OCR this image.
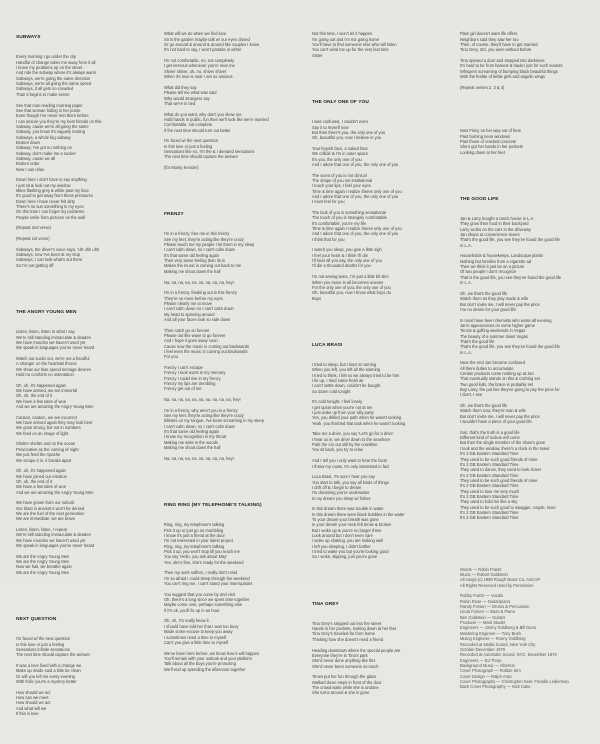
SUBWAYS

Every morning I go under the city
Handful of change takes me away from it all
I leave my problems up on the street
And ride the subway where it's always warm
Subways, we're going the same direction
Subways, we're all going the same speed
Subways, it all gets so crowded
Than it begins to make sense

See that man reading morning paper
See that woman hiding in her purse
Even though I've never met them before
I can assure you they're my best friends on this
Subway, cause we're all going the same
Subway, you know it's vaguely inviting
Subways, a whole big subway
Broken down
Subway; I've got no nothing on
Subway, don't make me a sucker
Subway, cause we all
Broken order
Now I can relax

Down here I don't have to say anything
I just sit & look out my window
Miles flashing grey & white past my face
It's good to get away from these pressures
Down here I have never felt dirty
There's no sun something in my eyes
On this train I can forget my problems
People smile from pictures on the wall

(Repeat 2nd verse)

(Repeat 1st verse)

Subways, the driver's voice says, 'Uh uhh uhh
Subways, now I've been at my stop
Subways, I can look what's out there
So I'm not getting off

THE ANGRY YOUNG MEN

Listen, listen, listen to what I say
We're still standing immaculate & deaden
We have muscles we haven't used yet
We speak in languages you've never heard

Watch out sucks out, we're not a handful
A stranger on the heartstel throne
We show our bias spend teenage desires
Hold no comforts no ostentation

Oh, oh, it's happened again
We have arrived, we are immortal
Oh, oh, the end of it
We have a few tales of woe
And we are amazing the Angry Young Men

Caution, caution, we are incorrect
We have arrived again they may look bent
We grow strong, but not in numbers
We feed on an image of light

Shelter shelter and on the ocean
Provocative as the coming of night
We just feed the Apache
We scrape it in, it breaks apart

Oh, oh, it's happened again
We have joined our emotion
Oh, oh, the end of it
We have a few tales of woe
And we are amazing the Angry Young Men

We have grown from our suburb
Our blast in ancient it won't be denied
We are the fuel of the next generation
We are immediate, we are brave

Listen, listen, listen, I repeat
We're still standing immaculate & deaden
We have muscles we haven't used yet
We speak in languages you've never heard

We are the Angry Young Men
We are the Angry Young Men
Now we hail, we breathe again
We are the Angry Young Men

NEXT QUESTION

I'm faced w/ the next question
Is this love or just a feeling
Sensations infinite sensations
The next time should capture the answer

It was a love fixed with a change we
Make up inside said a little be clean
Or will you tell me every evening
With frolic you're a mystery better

How should we act
How can we meet
How should we act
And what will we
If this is love

What will we do when we find love
Sit in the garden maybe talk w/ our eyes closed
Or go around & around & around like couples I know
It's not hard to say, I won't partake in either

I'm not comfortable, no, not completely
I get nervous whenever you're near me
Shiver shiver, oh, no, shiver shiver
When it's love is near I am so anxious

What did they say
Please tell me what was said
Why would strangers say
That we're in bed

What do you want, why don't you show me
Hold hands in public, fun then we'll look like we're married
Comfortable, not complete
If the next time should turn out better

I'm faced w/ the next question
Is this love or just a feeling
Sensations like no, I'm the & I demand sensations
The next time should capture the answer

(for Monty Kessler)

FRENZY

I'm in a frenzy, free me in this frenzy
See my feet, they're acting like they're crazy
Please touch me my people I let them in my sleep
I can't calm down, no I can't calm down
It's that same old feeling again
Then very same feeling than its in
Makes the music is coming out back to me
Making me shout down the hall

Na, na, na, na, na, na, na, na, na, hey!

I'm in a frenzy, freaking out in this frenzy
They're no more before my eyes
Please clearly me to move
I can't calm down no I can't calm down
My head to spinning around
And all your faces look so side down

Then catch go on forever
Please out like wave to go forever
And I hope it goes away soon
Cause now the music is coming out backwards
I feel even the music is coming out backwards
For you

Frenzy I can't escape
Frenzy I took worst in my memory
Frenzy I could rise in my frenzy
Frenzy my lips are trembling
Frenzy get out of me

Na, na, na, na, na, na, na, na, na, na, hey!

I'm in a frenzy, why aren't you in a frenzy
See my feet, they're acting like they're crazy
Blisters on my tongue, I've been screaming in my sleep
I can't calm down, no I can't calm down
It's that same old feeling again
I know my recognition in my throat
Making me write in the woods
Making me shout down the hall

Na, na, na, na, na, na, na, na, na, hey!

RING RING (MY TELEPHONE'S TALKING)

Ring, ring, my telephone's talking
Pick it up or just go on mumbling
I know it's just a friend at the door
I'm not interested in your latest project
Ring, ring, my telephone's talking
Pick it up, you won't stop till you reach me
You say 'Hello, you ask about May'
Yes, she's fine, she's ready for the weekend

Then my work suffers, I really don't mind
I'm so afraid I could sleep through the weekend
You can't ring me, I can't stand your interruptions

You suggest that you come by and visit
Oh, there's a long since we spent time together
Maybe come over, perhaps something else
If it's ok, you'll fix up in an hour

Oh, oh, I'm really know it
I should have told her that I was too busy
Made some excuse to keep you away
I sometimes need a time to myself
Can't you give a little time to myself

We've been here before, we know how it will happen
You'll remain with your outlook and your platform
Talk about all the boys you're promoting
We'll end up spending the afternoon together

Not this time, I won't let it happen
I'm going out and I'm not going home
You'll have to find someone else who will listen
You can't wind me up for the very last time
Sister

THE ONLY ONE OF YOU

I was confused, I couldn't even
Say it to myself now
But then there's you, the only one of you
Oh, beautiful you, now I believe in you

Your boyish face, a naked face
We collide & I'm in outer space
It's you, the only one of you
And I adore that one of you, the only one of you

The scent of you is not clinical
The shape of you not institutional
I touch your lips, I feel your eyes
Time & time again I realize theres only one of you
And I adore that one of you, the only one of you
I must feel for you

The look of you is something sensational
The touch of you is strangely comfortable
It's comfortable, you're my life
Time & time again I realize theres only one of you
And I adore that one of you, the only one of you
I think that for you

I watch you sleep, you give a little sigh
I feel your heart & I think I'll die
I'll hear all you say, the only one of you
I'll die a thousand deaths for you

I'm not seeing twice, I'm just a little bit slim
When you move in all becomes uneven
For the only one of you, the only one of you
Oh, beautiful you, now I know what boys do
Boys

LUCA BRASI

I tried to sleep, but I kept on turning
When you left, you left all the warning
I tried to think, I felt so we always tried to be him
I lie up, I tried some fresh air
I can't settle down, couldn't be bought
So damn cold tonight

It's cold tonight, I feel lonely
I get upset when you're not at me
I just woke up from your silly party
Yes, you drilled your path when he wasn't looking
Yeah, you finished that task when he wasn't looking

Take me a drive, you say 'Let's go for a drive'
I hear us in, we drive down to the seashore
Park the car out still by the coastline
You sit back, you try to relax

And I tell you I only want to hear the facts
I throw my coats, I'm only interested in fact

Luca Brasi, I'm sure I hear you say
You start to talk, you say all kinds of things
I drift off & I begin to dream
I'm dreaming you're underwater
In my dream you sleep w/ fishes

In this dream there was trouble in water
In this dream there were black bubbles in the water
To your dream your breath was gone
In your dream your neck felt tense & broken
But I woke up & you're no longer there
Look around but I don't even care
I woke up shaking, you are looking well
I left you sleeping, I didn't bother
I tried to wake you but you're looking good
So I woke, slipping, just you're gone

TINA GREY

Tina Grey's stepped out into the street
Hands in her pockets, looking down at her feet
Tina Grey's traveled far from home
Thinking how she doesn't need a friend

Heading downtown where the special people are
Everyone they're in Tina's park
She'd never done anything like this
She'd never been someone so much

Times put her fun through the glass
Walked down steps in front of the door
The crowd waits while she is undone
She turns around & she is gone

Plain girl doesn't want life offers
Neighbors said they saw her too
Then, of course, they'll have to get married
Tina Grey, 3rd, you were without before

Tina opened a door and stepped into darkness
It's hard to be from harvest & hauler just for such sounds
Whispers screaming of bumping black beautiful things
With the feeble of kettle girls and angelic wings

(Repeat verses 2, 3 & 4)

Now Finny on her way out of here
Past burning neon windows
Past those of cracked concrete
She's got her hands in her pockets
Looking down at her feet

THE GOOD LIFE

Jan & Larry bought a ranch house in L.A.
They grow their food in their backyard
Larry works on the cars in the driveway
Jan shops at convenience stores
That's the good life, you see they've found the good life
In L.A.

Households & housekeeps, Landscape plants
Nothing but families from a cigarette ad
Then we think it just be on a picture
Of two people I don't recognize
That is the good life, you see they've found the good life
In L.A.

Oh, we that's the good life
Watch them as they play made & wife
But don't invite me, I will never pay the price
I've no desire for your good life

In most have been chemists who wrote all evening
Jan's appearances on some higher game
Tennis & golfing weekends in Vegas
The beauty of a summer down Vegas
That's the good life
That's the good life, you see they've found the good life
In L.A.

Near the end Jan became confused
All there duties to accumulate
Certain products come rushing up at Jan
That eventually stands on this & Cuthing set
Two good kids, the brace is probably set
Buy Larry, the put line they've going to pay the price for
I don't, I see

Oh, we that's the good life
Watch them now, they're man & wife
But don't invite me, I will never pay the price
I wouldn't have a piece of your good life

Son, that's the truth is a good life
Different kind of ruckus will come
But then the single member of the show's gone
I look and the window, there's a clock in the tower
It's 3 GB Eastern Standard Time
They used to be such good friends of mine
It's 2 GB Eastern Standard Time
They used to dance, they used to look closer
It's 2 GB Eastern Standard Time
They used to be such good friends of mine
It's 2 GB Eastern Standard Time
They used to love me very much
It's 2 GB Eastern Standard Time
They used to hold me like a sky
They used to be such good to swagger, couple, lover
It's 2 GB Eastern Standard Time
It's 2 GB Eastern Standard Time

Words — Robin Frantz
Music — Robert Goldstein
All songs (c) 1980 Rough Music Co, ASCAP
All Rights Reserved Used by Permission

Robby Frantz — Vocals
Robin Rose — Guitar/piano
Randy Forsen — Drums & Percussion
Linda Forsen — Bass & Piano
Ben Goldstein — Guitars
Producer — Mark Studer
Engineers — Jimmy Goldberg & Bill Dunn
Mastering Engineer — Tony Bush
Mixing Engineer — Ronny Goldberg
Recorded at Media Sound, New York City
October-December 1979
Recorded at Automatic Sound, NYC, December 1979
Engineers — Ed Thorp
Background Music — Albertus
Cover Photograph — Robbie Kim
Cover Design — Ralph Artec
Cover Photography — Christopher Keel, Freddie Leiberman
Back Cover Photography — Nick Cake
